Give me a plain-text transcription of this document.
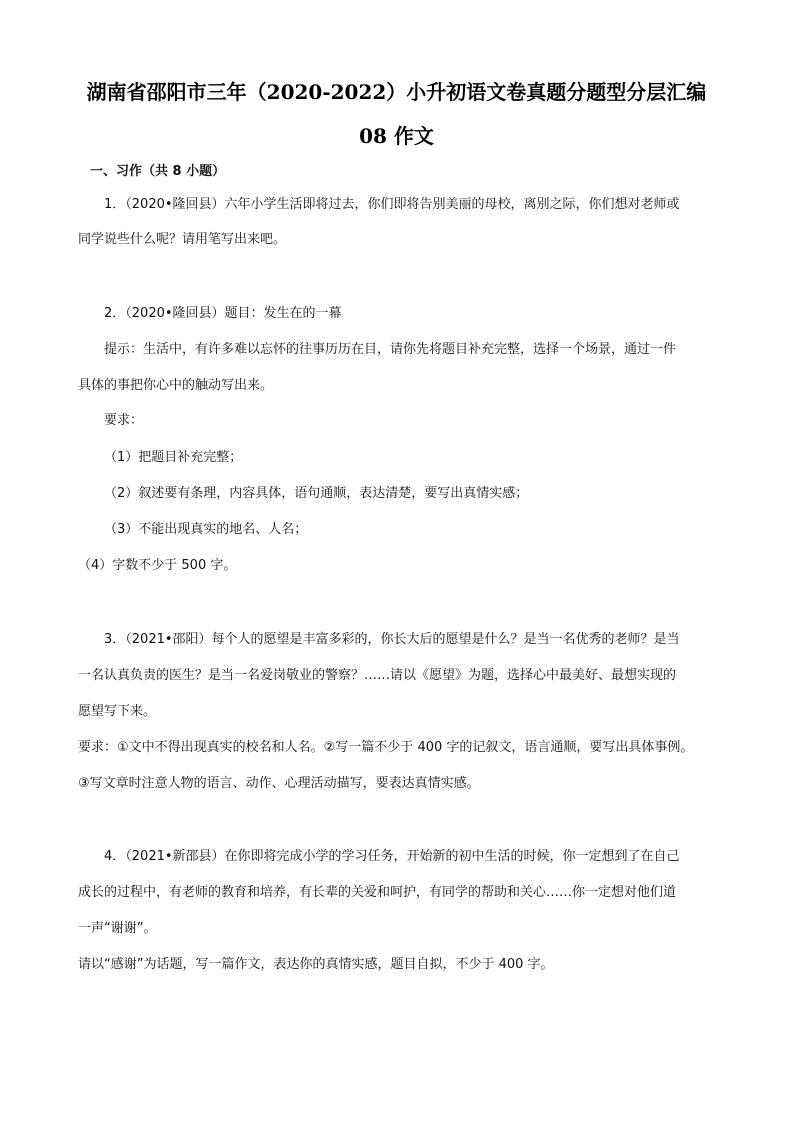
湖南省邵阳市三年（2020-2022）小升初语文卷真题分题型分层汇编
08 作文
一、习作（共 8 小题）
1．（2020•隆回县）六年小学生活即将过去，你们即将告别美丽的母校，离别之际，你们想对老师或
同学说些什么呢？请用笔写出来吧。
2．（2020•隆回县）题目：发生在的一幕
提示：生活中，有许多难以忘怀的往事历历在目，请你先将题目补充完整，选择一个场景，通过一件
具体的事把你心中的触动写出来。
要求：
（1）把题目补充完整；
（2）叙述要有条理，内容具体，语句通顺，表达清楚，要写出真情实感；
（3）不能出现真实的地名、人名；
（4）字数不少于 500 字。
3．（2021•邵阳）每个人的愿望是丰富多彩的，你长大后的愿望是什么？是当一名优秀的老师？是当
一名认真负责的医生？是当一名爱岗敬业的警察？……请以《愿望》为题，选择心中最美好、最想实现的
愿望写下来。
要求：①文中不得出现真实的校名和人名。②写一篇不少于 400 字的记叙文，语言通顺，要写出具体事例。
③写文章时注意人物的语言、动作、心理活动描写，要表达真情实感。
4．（2021•新邵县）在你即将完成小学的学习任务，开始新的初中生活的时候，你一定想到了在自己
成长的过程中，有老师的教育和培养，有长辈的关爱和呵护，有同学的帮助和关心……你一定想对他们道
一声“谢谢”。
请以“感谢”为话题，写一篇作文，表达你的真情实感，题目自拟，不少于 400 字。
